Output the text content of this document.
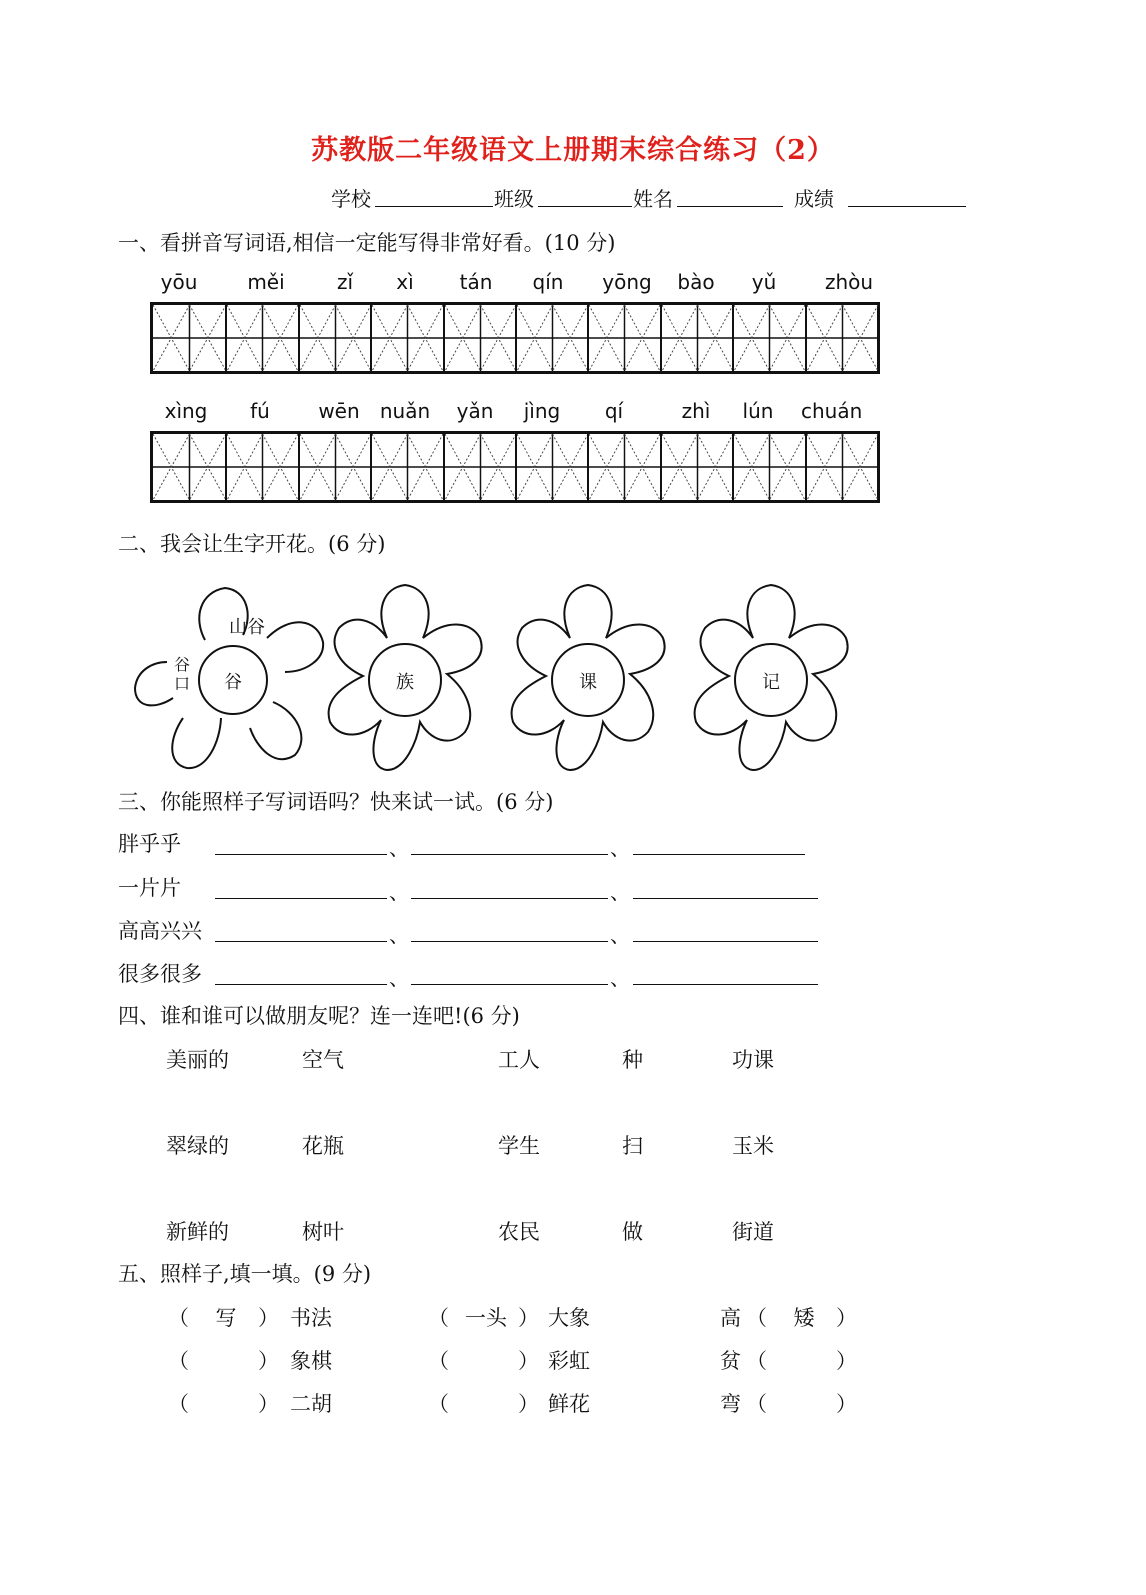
苏教版二年级语文上册期末综合练习（2）
学校	班级	姓名	成绩
一、看拼音写词语,相信一定能写得非常好看。(10 分)
yōu	měi	zǐ	xì	tán	qín	yōng	bào	yǔ	zhòu
xìng	fú	wēn	nuǎn	yǎn	jìng	qí	zhì	lún	chuán
二、我会让生字开花。(6 分)
谷
山谷
谷口	族	课	记
三、你能照样子写词语吗？快来试一试。(6 分)
胖乎乎	、	、
一片片	、	、
高高兴兴	、	、
很多很多	、	、
四、谁和谁可以做朋友呢？连一连吧!(6 分)
美丽的	空气	工人	种	功课
翠绿的	花瓶	学生	扫	玉米
新鲜的	树叶	农民	做	街道
五、照样子,填一填。(9 分)
（	写	） 书法	（ 一头 ） 大象	高 （	矮	）
（	） 象棋	（	） 彩虹	贫 （	）
（	） 二胡	（	） 鲜花	弯 （	）
